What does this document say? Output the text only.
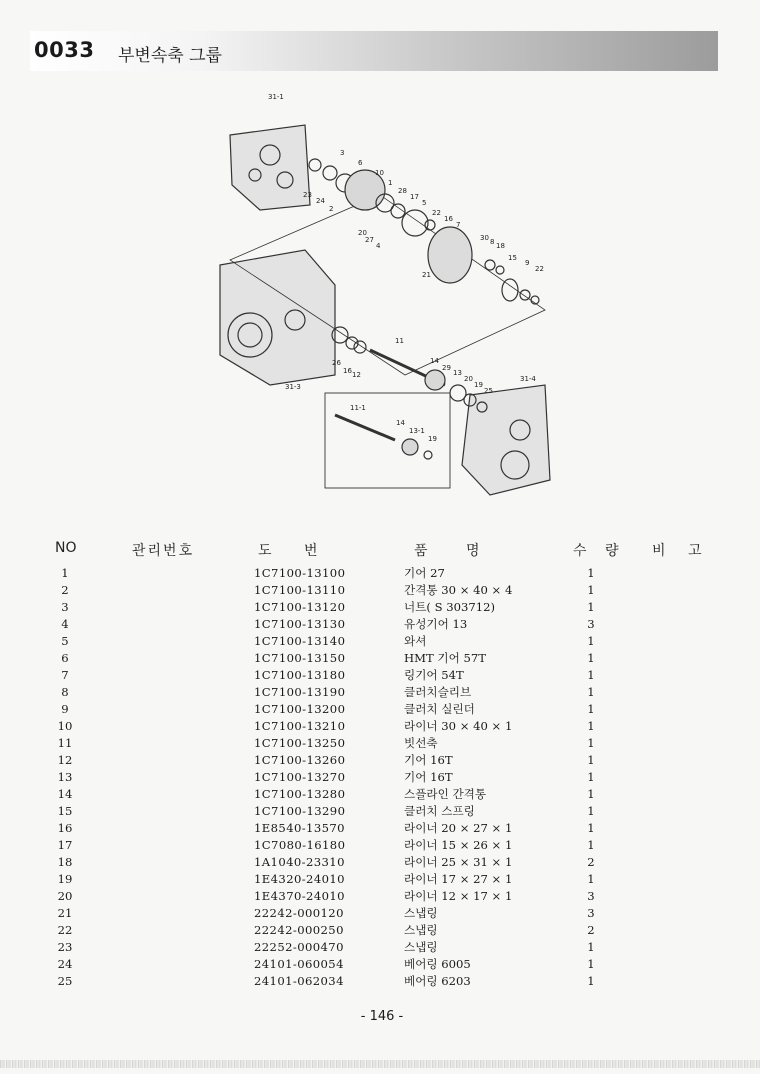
0033 부변속축 그룹
31-1
3
6
10
1
28
17
5
22
16
7
23
24
2
20
27
4
30 8 18
21
15
9
22
26
16 12
11
14
29
13
20
19
25
31-3
31-4
11-1
14
13-1
19
NO	관리번호	도 번	품 명	수 량 비 고
1	1C7100-13100	기어 27	1
2	1C7100-13110	간격통 30 × 40 × 4	1
3	1C7100-13120	너트( S 303712)	1
4	1C7100-13130	유성기어 13	3
5	1C7100-13140	와셔	1
6	1C7100-13150	HMT 기어 57T	1
7	1C7100-13180	링기어 54T	1
8	1C7100-13190	클러치슬리브	1
9	1C7100-13200	클러치 실린더	1
10	1C7100-13210	라이너 30 × 40 × 1	1
11	1C7100-13250	빗선축	1
12	1C7100-13260	기어 16T	1
13	1C7100-13270	기어 16T	1
14	1C7100-13280	스플라인 간격통	1
15	1C7100-13290	클러치 스프링	1
16	1E8540-13570	라이너 20 × 27 × 1	1
17	1C7080-16180	라이너 15 × 26 × 1	1
18	1A1040-23310	라이너 25 × 31 × 1	2
19	1E4320-24010	라이너 17 × 27 × 1	1
20	1E4370-24010	라이너 12 × 17 × 1	3
21	22242-000120	스냅링	3
22	22242-000250	스냅링	2
23	22252-000470	스냅링	1
24	24101-060054	베어링 6005	1
25	24101-062034	베어링 6203	1
- 146 -
